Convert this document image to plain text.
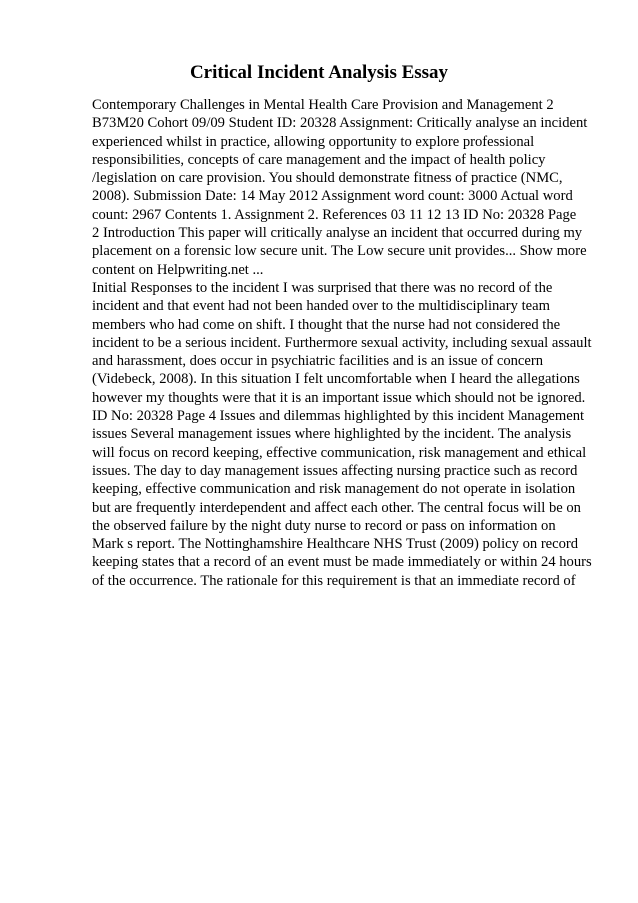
Critical Incident Analysis Essay

Contemporary Challenges in Mental Health Care Provision and Management 2
B73M20 Cohort 09/09 Student ID: 20328 Assignment: Critically analyse an incident
experienced whilst in practice, allowing opportunity to explore professional
responsibilities, concepts of care management and the impact of health policy
/legislation on care provision. You should demonstrate fitness of practice (NMC,
2008). Submission Date: 14 May 2012 Assignment word count: 3000 Actual word
count: 2967 Contents 1. Assignment 2. References 03 11 12 13 ID No: 20328 Page
2 Introduction This paper will critically analyse an incident that occurred during my
placement on a forensic low secure unit. The Low secure unit provides... Show more
content on Helpwriting.net ...

Initial Responses to the incident I was surprised that there was no record of the
incident and that event had not been handed over to the multidisciplinary team
members who had come on shift. I thought that the nurse had not considered the
incident to be a serious incident. Furthermore sexual activity, including sexual assault
and harassment, does occur in psychiatric facilities and is an issue of concern
(Videbeck, 2008). In this situation I felt uncomfortable when I heard the allegations
however my thoughts were that it is an important issue which should not be ignored.
ID No: 20328 Page 4 Issues and dilemmas highlighted by this incident Management
issues Several management issues where highlighted by the incident. The analysis
will focus on record keeping, effective communication, risk management and ethical
issues. The day to day management issues affecting nursing practice such as record
keeping, effective communication and risk management do not operate in isolation
but are frequently interdependent and affect each other. The central focus will be on
the observed failure by the night duty nurse to record or pass on information on
Mark s report. The Nottinghamshire Healthcare NHS Trust (2009) policy on record
keeping states that a record of an event must be made immediately or within 24 hours
of the occurrence. The rationale for this requirement is that an immediate record of
